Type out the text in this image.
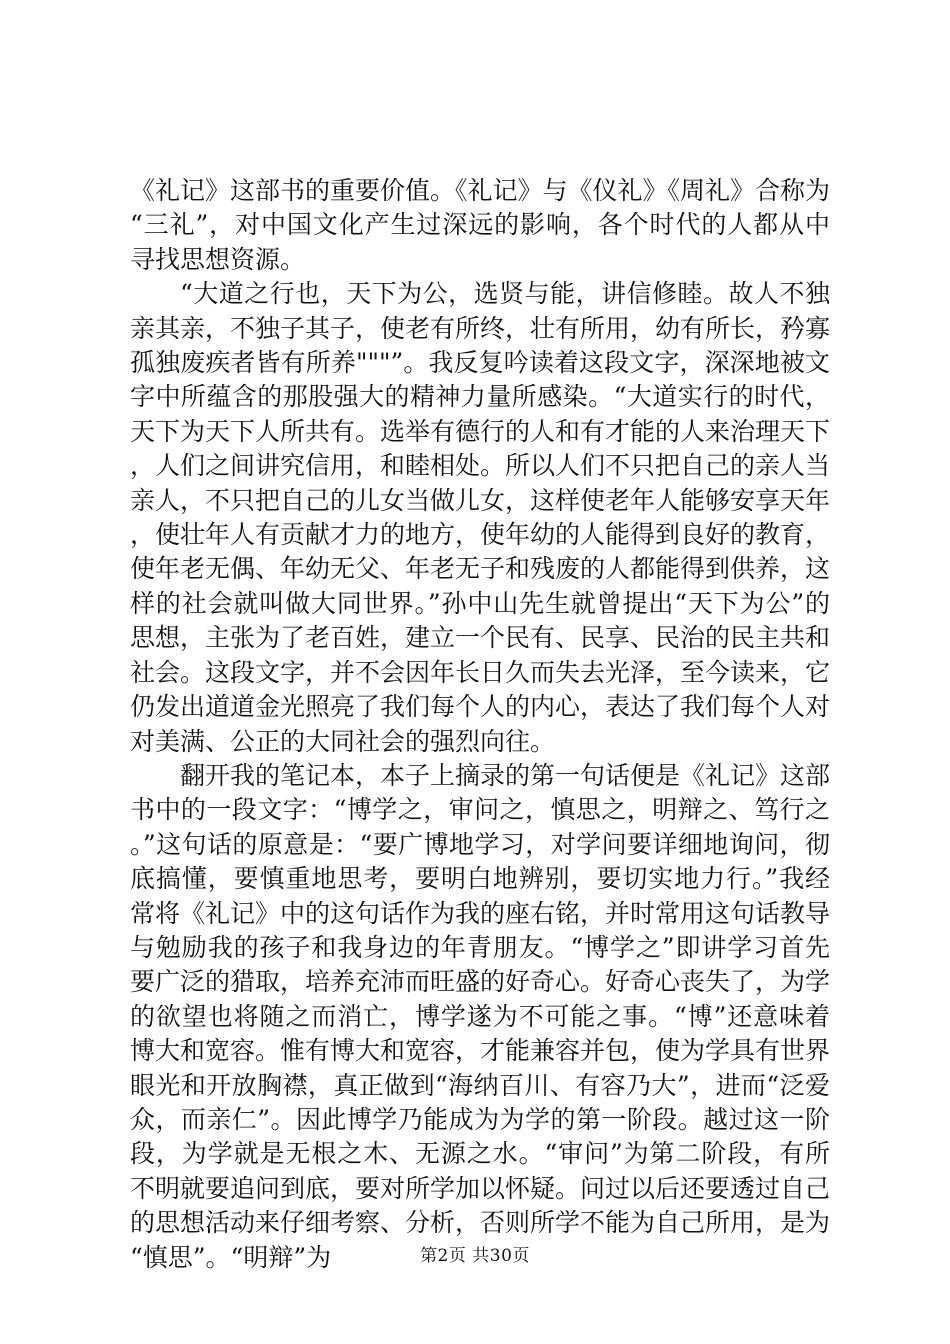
《礼记》这部书的重要价值。《礼记》与《仪礼》《周礼》合称为“三礼”，对中国文化产生过深远的影响，各个时代的人都从中寻找思想资源。

“大道之行也，天下为公，选贤与能，讲信修睦。故人不独亲其亲，不独子其子，使老有所终，壮有所用，幼有所长，矜寡孤独废疾者皆有所养"""”。我反复吟读着这段文字，深深地被文字中所蕴含的那股强大的精神力量所感染。“大道实行的时代，天下为天下人所共有。选举有德行的人和有才能的人来治理天下，人们之间讲究信用，和睦相处。所以人们不只把自己的亲人当亲人，不只把自己的儿女当做儿女，这样使老年人能够安享天年，使壮年人有贡献才力的地方，使年幼的人能得到良好的教育，使年老无偶、年幼无父、年老无子和残废的人都能得到供养，这样的社会就叫做大同世界。”孙中山先生就曾提出“天下为公”的思想，主张为了老百姓，建立一个民有、民享、民治的民主共和社会。这段文字，并不会因年长日久而失去光泽，至今读来，它仍发出道道金光照亮了我们每个人的内心，表达了我们每个人对对美满、公正的大同社会的强烈向往。

翻开我的笔记本，本子上摘录的第一句话便是《礼记》这部书中的一段文字：“博学之，审问之，慎思之，明辩之、笃行之。”这句话的原意是：“要广博地学习，对学问要详细地询问，彻底搞懂，要慎重地思考，要明白地辨别，要切实地力行。”我经常将《礼记》中的这句话作为我的座右铭，并时常用这句话教导与勉励我的孩子和我身边的年青朋友。“博学之”即讲学习首先要广泛的猎取，培养充沛而旺盛的好奇心。好奇心丧失了，为学的欲望也将随之而消亡，博学遂为不可能之事。“博”还意味着博大和宽容。惟有博大和宽容，才能兼容并包，使为学具有世界眼光和开放胸襟，真正做到“海纳百川、有容乃大”，进而“泛爱众，而亲仁”。因此博学乃能成为为学的第一阶段。越过这一阶段，为学就是无根之木、无源之水。“审问”为第二阶段，有所不明就要追问到底，要对所学加以怀疑。问过以后还要透过自己的思想活动来仔细考察、分析，否则所学不能为自己所用，是为“慎思”。“明辩”为	第2页 共30页
